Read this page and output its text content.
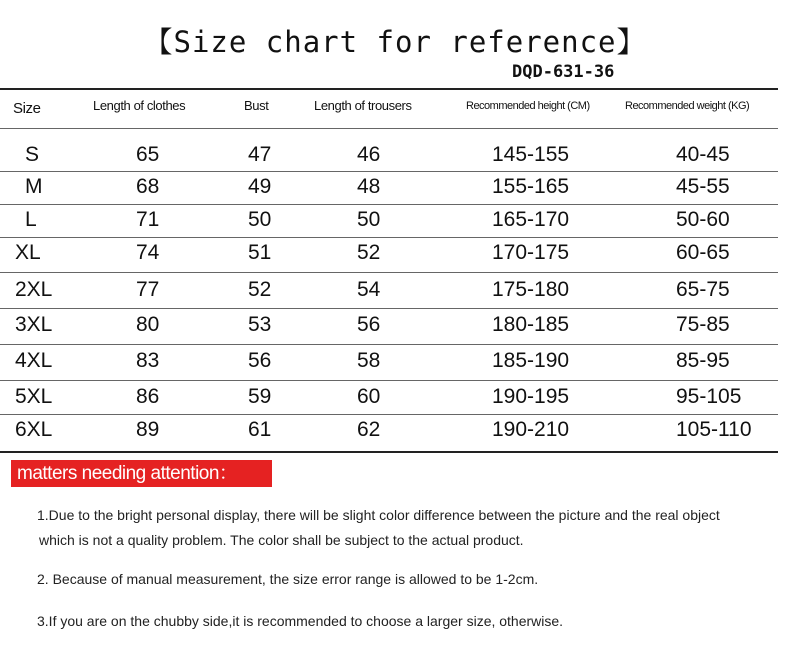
【Size chart for reference】
DQD-631-36
Size	Length of clothes	Bust	Length of trousers	Recommended height (CM)	Recommended weight (KG)
S	65	47	46	145-155	40-45
M	68	49	48	155-165	45-55
L	71	50	50	165-170	50-60
XL	74	51	52	170-175	60-65
2XL	77	52	54	175-180	65-75
3XL	80	53	56	180-185	75-85
4XL	83	56	58	185-190	85-95
5XL	86	59	60	190-195	95-105
6XL	89	61	62	190-210	105-110
matters needing attention：
1.Due to the bright personal display, there will be slight color difference between the picture and the real object
which is not a quality problem. The color shall be subject to the actual product.
2. Because of manual measurement, the size error range is allowed to be 1-2cm.
3.If you are on the chubby side,it is recommended to choose a larger size, otherwise.
